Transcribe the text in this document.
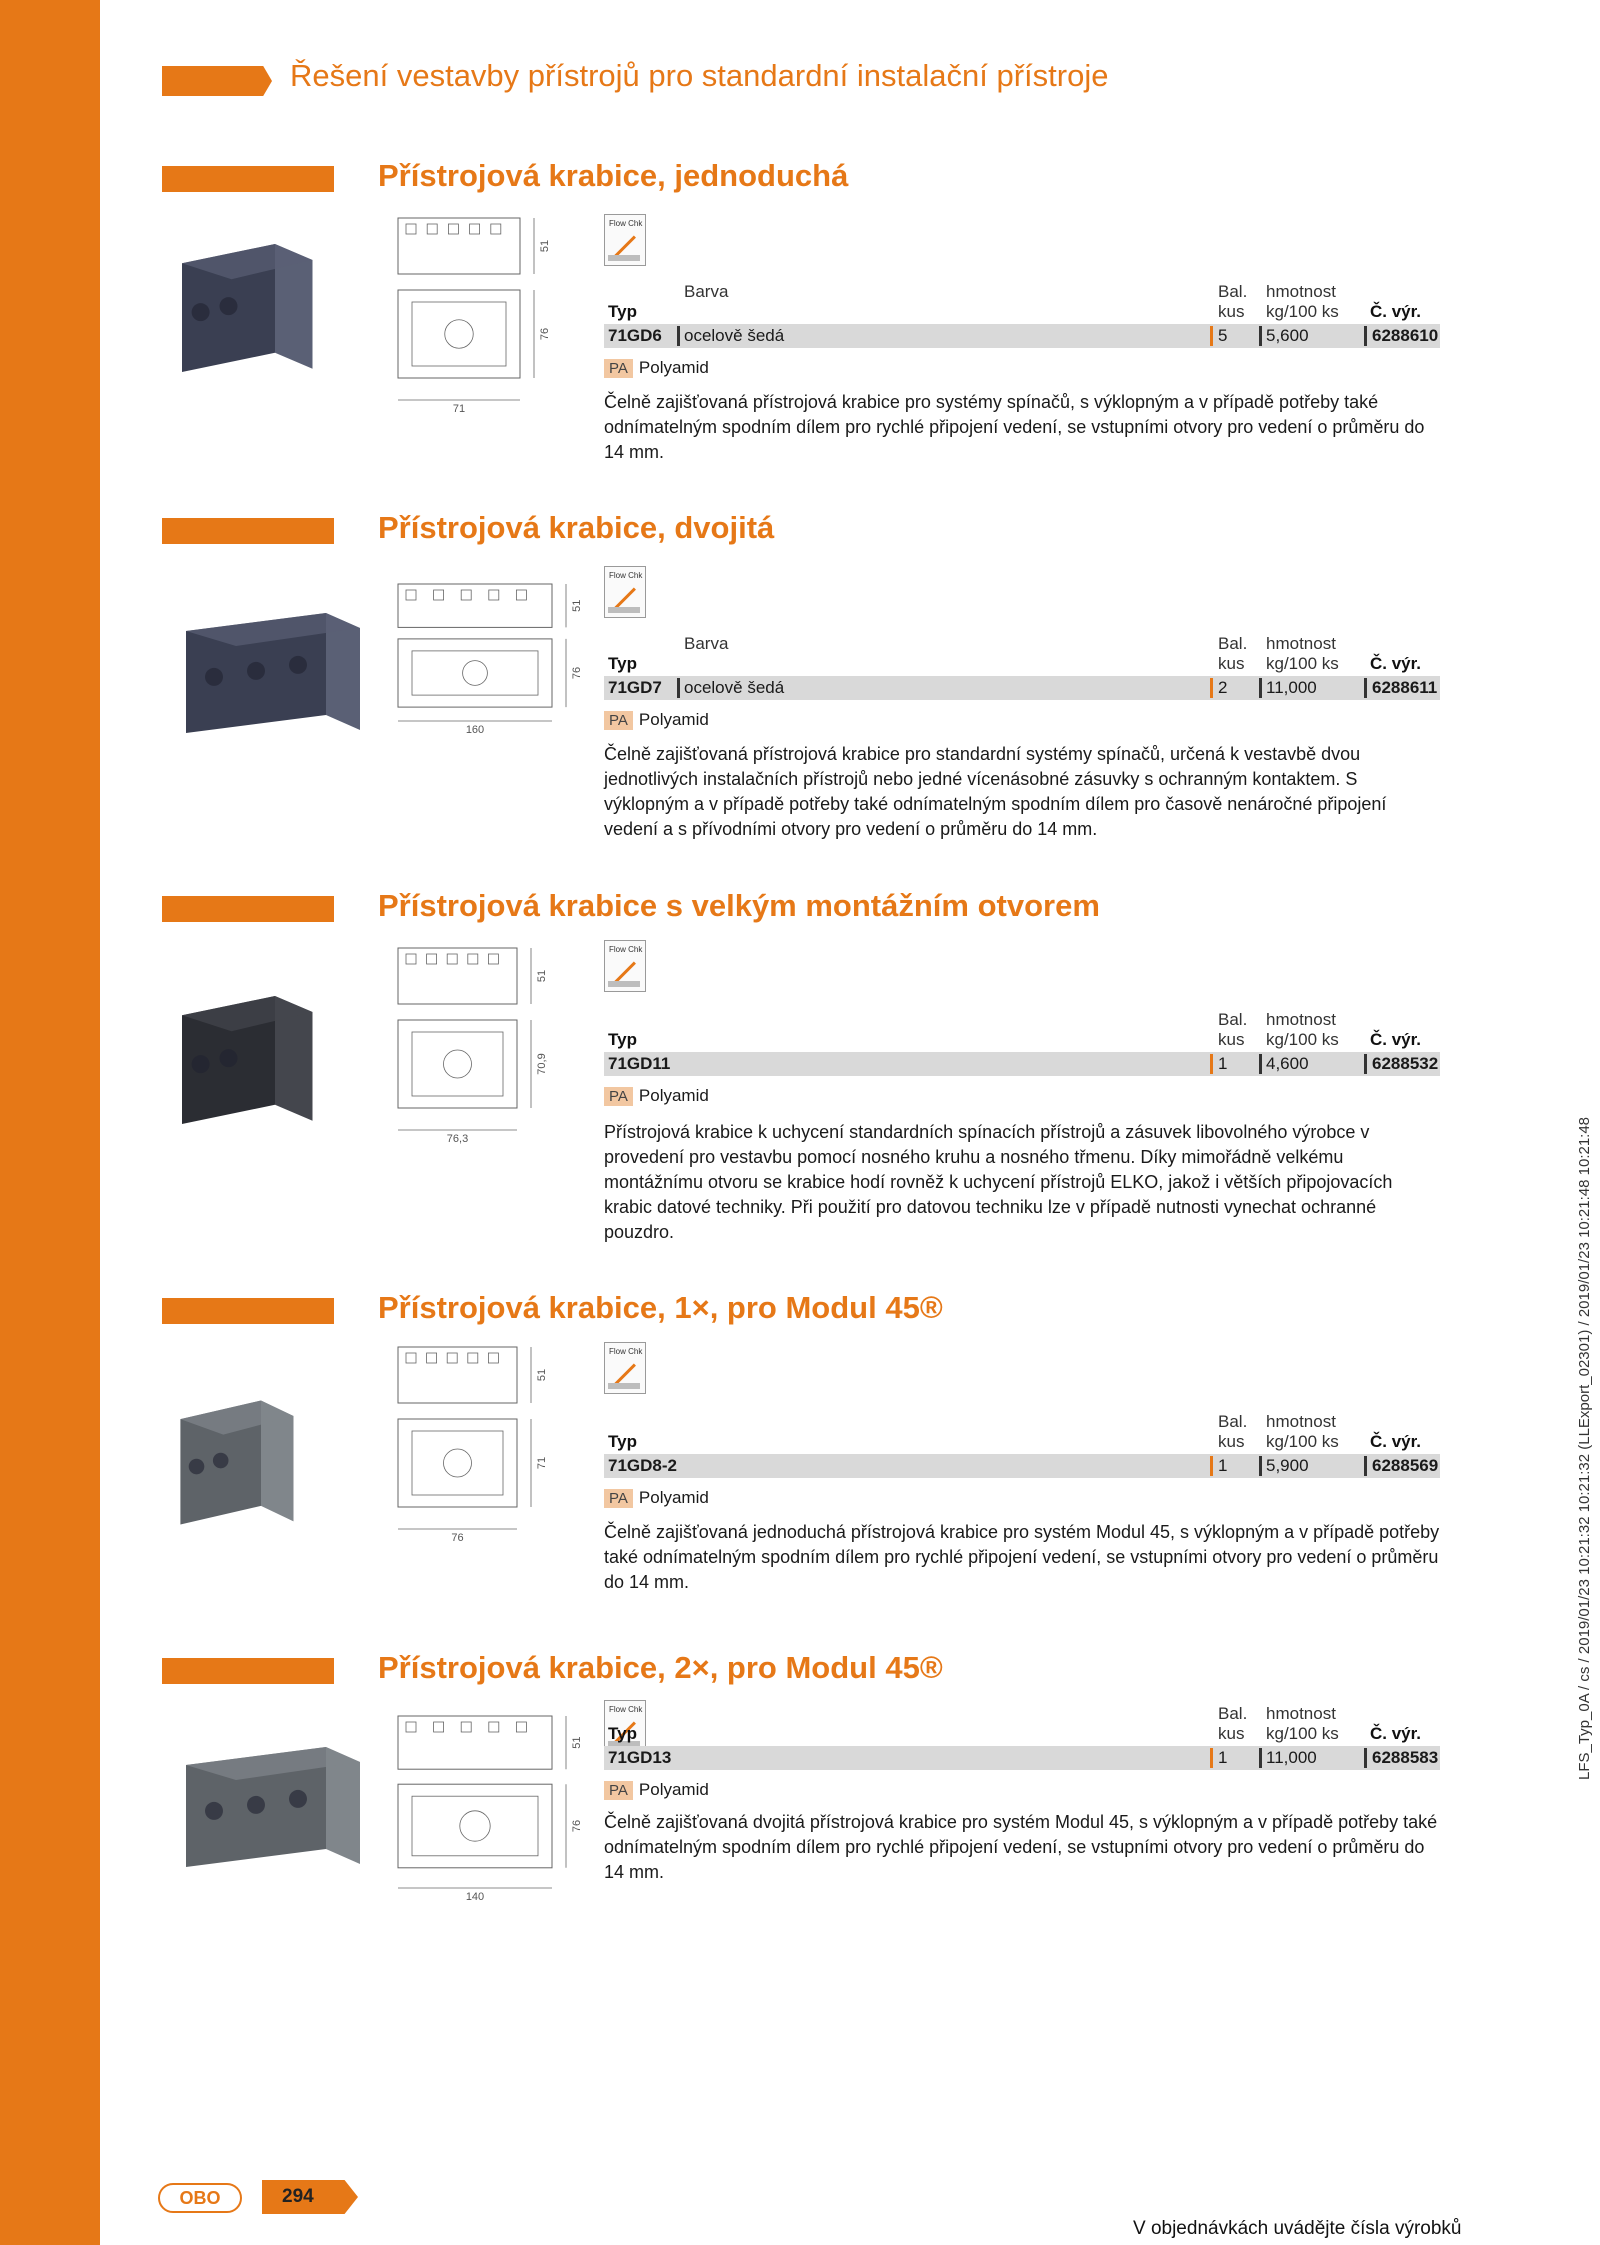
Řešení vestavby přístrojů pro standardní instalační přístroje
Přístrojová krabice, jednoduchá
51
76
71
Flow Chk
Barva	Bal. hmotnost
Typ	kus kg/100 ks Č. výr.
71GD6 ocelově šedá	5 5,600	6288610
PA Polyamid
Čelně zajišťovaná přístrojová krabice pro systémy spínačů, s výklopným a v případě potřeby také odnímatelným spodním dílem pro rychlé připojení vedení, se vstupními otvory pro vedení o průměru do 14 mm.
Přístrojová krabice, dvojitá
51
76
160
Flow Chk
Barva	Bal. hmotnost
Typ	kus kg/100 ks Č. výr.
71GD7 ocelově šedá	2 11,000	6288611
PA Polyamid
Čelně zajišťovaná přístrojová krabice pro standardní systémy spínačů, určená k vestavbě dvou jednotlivých instalačních přístrojů nebo jedné vícenásobné zásuvky s ochranným kontaktem. S výklopným a v případě potřeby také odnímatelným spodním dílem pro časově nenáročné připojení vedení a s přívodními otvory pro vedení o průměru do 14 mm.
Přístrojová krabice s velkým montážním otvorem
51
70,9
76,3
Flow Chk
Bal. hmotnost
Typ	kus kg/100 ks Č. výr.
71GD11	1 4,600	6288532
PA Polyamid
Přístrojová krabice k uchycení standardních spínacích přístrojů a zásuvek libovolného výrobce v provedení pro vestavbu pomocí nosného kruhu a nosného třmenu. Díky mimořádně velkému montážnímu otvoru se krabice hodí rovněž k uchycení přístrojů ELKO, jakož i větších připojovacích krabic datové techniky. Při použití pro datovou techniku lze v případě nutnosti vynechat ochranné pouzdro.
Přístrojová krabice, 1×, pro Modul 45®
51
71
76
Flow Chk
Bal. hmotnost
Typ	kus kg/100 ks Č. výr.
71GD8-2	1 5,900	6288569
PA Polyamid
Čelně zajišťovaná jednoduchá přístrojová krabice pro systém Modul 45, s výklopným a v případě potřeby také odnímatelným spodním dílem pro rychlé připojení vedení, se vstupními otvory pro vedení o průměru do 14 mm.
Přístrojová krabice, 2×, pro Modul 45®
51
76
140
Flow Chk	Bal. hmotnost
Typ	kus kg/100 ks Č. výr.
71GD13	1 11,000	6288583
PA Polyamid
Čelně zajišťovaná dvojitá přístrojová krabice pro systém Modul 45, s výklopným a v případě potřeby také odnímatelným spodním dílem pro rychlé připojení vedení, se vstupními otvory pro vedení o průměru do 14 mm.
OBO	294
V objednávkách uvádějte čísla výrobků
LFS_Typ_0A / cs / 2019/01/23 10:21:32 10:21:32 (LLExport_02301) / 2019/01/23 10:21:48 10:21:48
